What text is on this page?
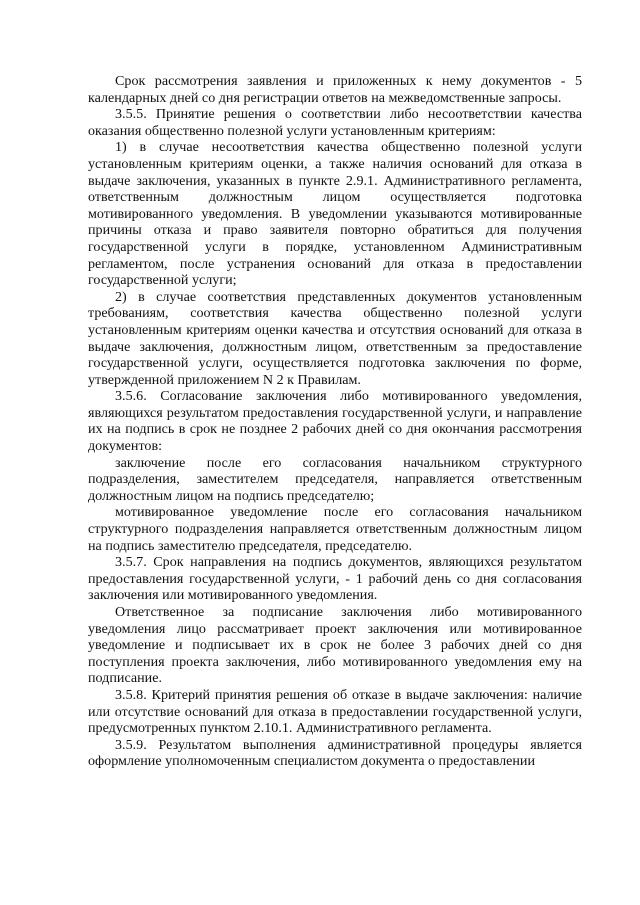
Срок рассмотрения заявления и приложенных к нему документов - 5 календарных дней со дня регистрации ответов на межведомственные запросы.

3.5.5. Принятие решения о соответствии либо несоответствии качества оказания общественно полезной услуги установленным критериям:

1) в случае несоответствия качества общественно полезной услуги установленным критериям оценки, а также наличия оснований для отказа в выдаче заключения, указанных в пункте 2.9.1. Административного регламента, ответственным должностным лицом осуществляется подготовка мотивированного уведомления. В уведомлении указываются мотивированные причины отказа и право заявителя повторно обратиться для получения государственной услуги в порядке, установленном Административным регламентом, после устранения оснований для отказа в предоставлении государственной услуги;

2) в случае соответствия представленных документов установленным требованиям, соответствия качества общественно полезной услуги установленным критериям оценки качества и отсутствия оснований для отказа в выдаче заключения, должностным лицом, ответственным за предоставление государственной услуги, осуществляется подготовка заключения по форме, утвержденной приложением N 2 к Правилам.

3.5.6. Согласование заключения либо мотивированного уведомления, являющихся результатом предоставления государственной услуги, и направление их на подпись в срок не позднее 2 рабочих дней со дня окончания рассмотрения документов:

заключение после его согласования начальником структурного подразделения, заместителем председателя, направляется ответственным должностным лицом на подпись председателю;

мотивированное уведомление после его согласования начальником структурного подразделения направляется ответственным должностным лицом на подпись заместителю председателя, председателю.

3.5.7. Срок направления на подпись документов, являющихся результатом предоставления государственной услуги, - 1 рабочий день со дня согласования заключения или мотивированного уведомления.

Ответственное за подписание заключения либо мотивированного уведомления лицо рассматривает проект заключения или мотивированное уведомление и подписывает их в срок не более 3 рабочих дней со дня поступления проекта заключения, либо мотивированного уведомления ему на подписание.

3.5.8. Критерий принятия решения об отказе в выдаче заключения: наличие или отсутствие оснований для отказа в предоставлении государственной услуги, предусмотренных пунктом 2.10.1. Административного регламента.

3.5.9. Результатом выполнения административной процедуры является оформление уполномоченным специалистом документа о предоставлении
